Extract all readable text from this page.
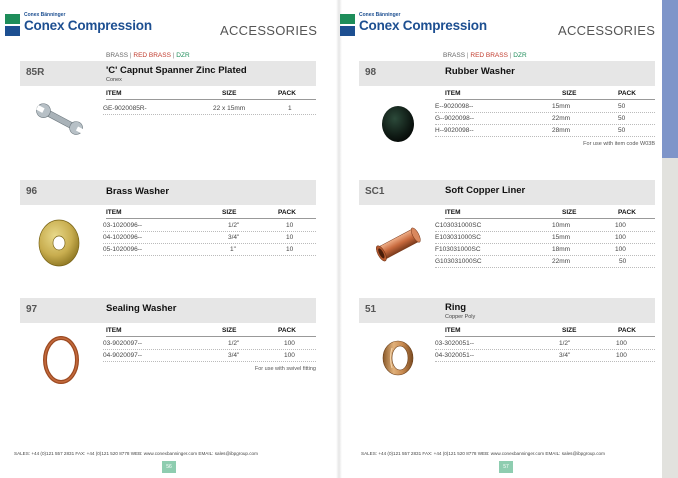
Conex Bänninger
Conex Compression	ACCESSORIES
BRASS | RED BRASS | DZR
85R	'C' Capnut Spanner Zinc Plated
Conex
ITEM	SIZE	PACK
GE-9020085R-	22 x 15mm	1
96	Brass Washer
ITEM	SIZE	PACK
03-1020096--	1/2"	10
04-1020096--	3/4"	10
05-1020096--	1"	10
97	Sealing Washer
ITEM	SIZE	PACK
03-9020097--	1/2"	100
04-9020097--	3/4"	100
For use with swivel fitting
SALES: +44 (0)121 557 2831 FAX: +44 (0)121 520 8778 WEB: www.conexbanninger.com EMAIL: sales@ibpgroup.com
56
Conex Bänninger
Conex Compression	ACCESSORIES
BRASS | RED BRASS | DZR
98	Rubber Washer
ITEM	SIZE	PACK
E--9020098--	15mm	50
G--9020098--	22mm	50
H--9020098--	28mm	50
For use with item code W03B
SC1	Soft Copper Liner
ITEM	SIZE	PACK
C103031000SC	10mm	100
E103031000SC	15mm	100
F103031000SC	18mm	100
G103031000SC	22mm	50
51	Ring
Copper Poly
ITEM	SIZE	PACK
03-3020051--	1/2"	100
04-3020051--	3/4"	100
SALES: +44 (0)121 557 2831 FAX: +44 (0)121 520 8778 WEB: www.conexbanninger.com EMAIL: sales@ibpgroup.com
57
